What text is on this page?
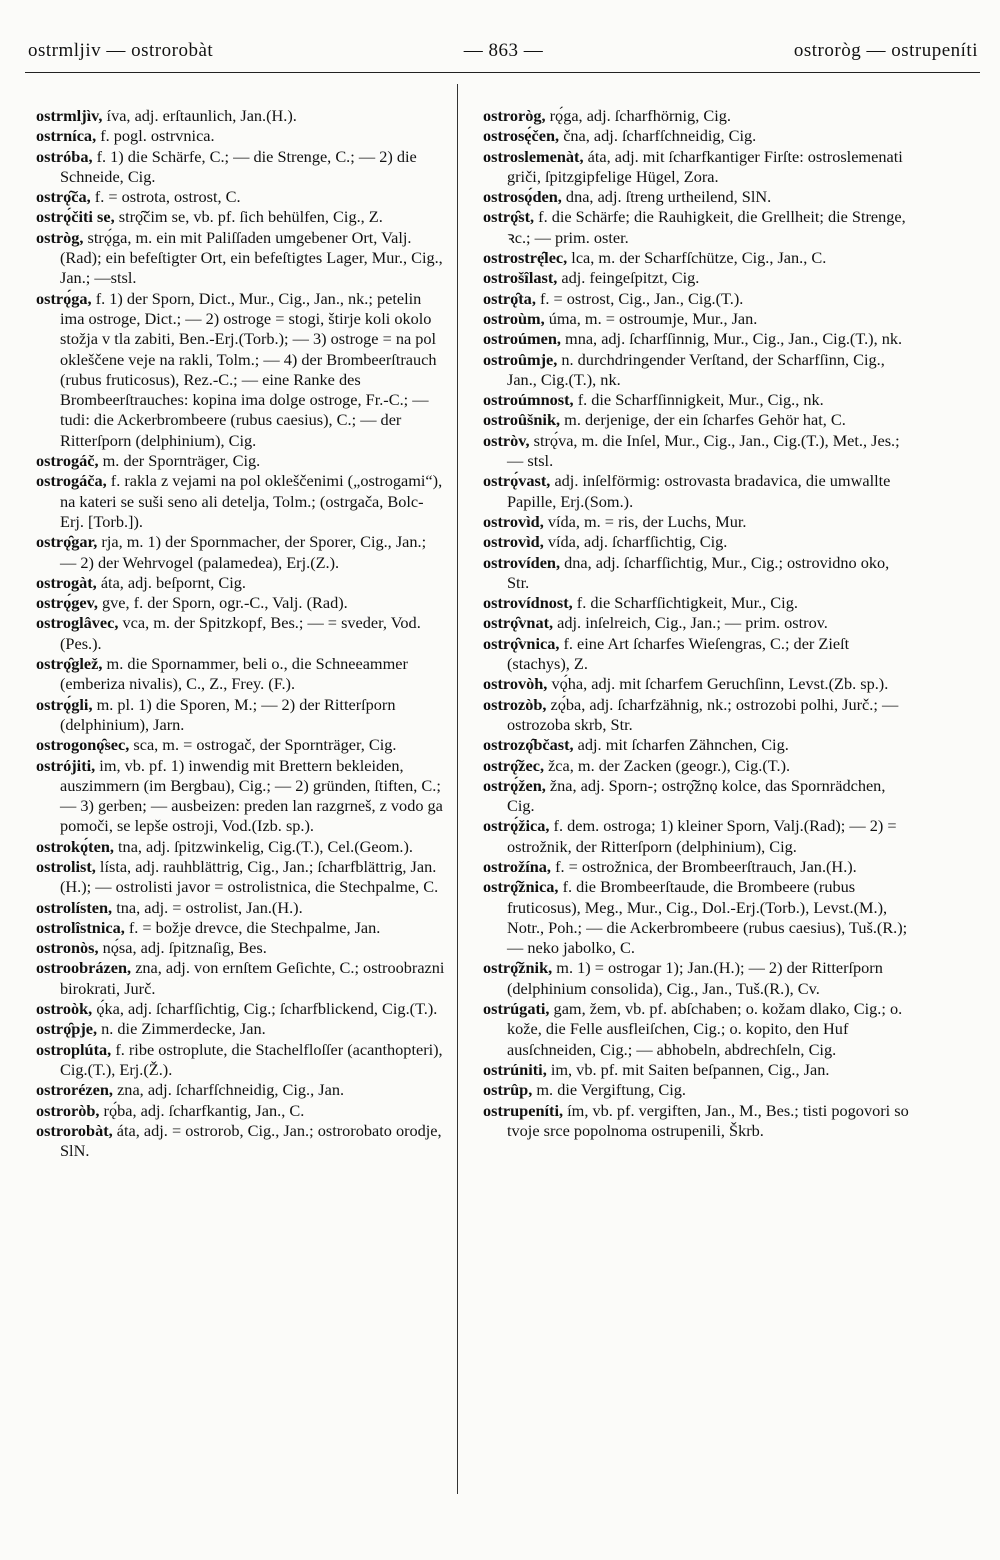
ostrmljiv — ostrorobàt	— 863 —	ostroròg — ostrupeníti

ostrmljìv, íva, adj. erſtaunlich, Jan.(H.).

ostrníca, f. pogl. ostrvnica.

ostróba, f. 1) die Schärfe, C.; — die Strenge, C.; — 2) die Schneide, Cig.

ostrǫ̑ča, f. = ostrota, ostrost, C.

ostrǫ́čiti se, strǫ̑čim se, vb. pf. ſich behülfen, Cig., Z.

ostròg, strǫ́ga, m. ein mit Paliſſaden umgebener Ort, Valj.(Rad); ein befeſtigter Ort, ein befeſtigtes Lager, Mur., Cig., Jan.; —stsl.

ostrǫ́ga, f. 1) der Sporn, Dict., Mur., Cig., Jan., nk.; petelin ima ostroge, Dict.; — 2) ostroge = stogi, štirje koli okolo stožja v tla zabiti, Ben.-Erj.(Torb.); — 3) ostroge = na pol okleščene veje na rakli, Tolm.; — 4) der Brombeerſtrauch (rubus fruticosus), Rez.-C.; — eine Ranke des Brombeerſtrauches: kopina ima dolge ostroge, Fr.-C.; — tudi: die Ackerbrombeere (rubus caesius), C.; — der Ritterſporn (delphinium), Cig.

ostrogáč, m. der Spornträger, Cig.

ostrogáča, f. rakla z vejami na pol okleščenimi („ostrogami“), na kateri se suši seno ali detelja, Tolm.; (ostrgača, Bolc-Erj. [Torb.]).

ostrǫ̑gar, rja, m. 1) der Spornmacher, der Sporer, Cig., Jan.; — 2) der Wehrvogel (palamedea), Erj.(Z.).

ostrogàt, áta, adj. beſpornt, Cig.

ostrǫ́gev, gve, f. der Sporn, ogr.-C., Valj. (Rad).

ostroglâvec, vca, m. der Spitzkopf, Bes.; — = sveder, Vod.(Pes.).

ostrǫ̑glež, m. die Spornammer, beli o., die Schneeammer (emberiza nivalis), C., Z., Frey. (F.).

ostrǫ́gli, m. pl. 1) die Sporen, M.; — 2) der Ritterſporn (delphinium), Jarn.

ostrogonǫ̑sec, sca, m. = ostrogač, der Spornträger, Cig.

ostrójiti, im, vb. pf. 1) inwendig mit Brettern bekleiden, auszimmern (im Bergbau), Cig.; — 2) gründen, ſtiften, C.; — 3) gerben; — ausbeizen: preden lan razgrneš, z vodo ga pomoči, se lepše ostroji, Vod.(Izb. sp.).

ostrokǫ́ten, tna, adj. ſpitzwinkelig, Cig.(T.), Cel.(Geom.).

ostrolist, lísta, adj. rauhblättrig, Cig., Jan.; ſcharfblättrig, Jan.(H.); — ostrolisti javor = ostrolistnica, die Stechpalme, C.

ostrolísten, tna, adj. = ostrolist, Jan.(H.).

ostrolîstnica, f. = božje drevce, die Stechpalme, Jan.

ostronòs, nǫ́sa, adj. ſpitznaſig, Bes.

ostroobrázen, zna, adj. von ernſtem Geſichte, C.; ostroobrazni birokrati, Jurč.

ostroòk, ǫ́ka, adj. ſcharfſichtig, Cig.; ſcharfblickend, Cig.(T.).

ostrǫ̑pje, n. die Zimmerdecke, Jan.

ostroplúta, f. ribe ostroplute, die Stachelfloſſer (acanthopteri), Cig.(T.), Erj.(Ž.).

ostrorézen, zna, adj. ſcharfſchneidig, Cig., Jan.

ostroròb, rǫ́ba, adj. ſcharfkantig, Jan., C.

ostrorobàt, áta, adj. = ostrorob, Cig., Jan.; ostrorobato orodje, SlN.

ostroròg, rǫ́ga, adj. ſcharfhörnig, Cig.

ostrosę́čen, čna, adj. ſcharfſchneidig, Cig.

ostroslemenàt, áta, adj. mit ſcharfkantiger Firſte: ostroslemenati griči, ſpitzgipfelige Hügel, Zora.

ostrosǫ́den, dna, adj. ſtreng urtheilend, SlN.

ostrǫ̑st, f. die Schärfe; die Rauhigkeit, die Grellheit; die Strenge, ꝛc.; — prim. oster.

ostrostrę̑lec, lca, m. der Scharfſchütze, Cig., Jan., C.

ostrošîlast, adj. feingeſpitzt, Cig.

ostrǫ̑ta, f. = ostrost, Cig., Jan., Cig.(T.).

ostroùm, úma, m. = ostroumje, Mur., Jan.

ostroúmen, mna, adj. ſcharfſinnig, Mur., Cig., Jan., Cig.(T.), nk.

ostroûmje, n. durchdringender Verſtand, der Scharfſinn, Cig., Jan., Cig.(T.), nk.

ostroúmnost, f. die Scharfſinnigkeit, Mur., Cig., nk.

ostroûšnik, m. derjenige, der ein ſcharfes Gehör hat, C.

ostròv, strǫ́va, m. die Inſel, Mur., Cig., Jan., Cig.(T.), Met., Jes.; — stsl.

ostrǫ́vast, adj. inſelförmig: ostrovasta bradavica, die umwallte Papille, Erj.(Som.).

ostrovìd, vída, m. = ris, der Luchs, Mur.

ostrovìd, vída, adj. ſcharfſichtig, Cig.

ostrovíden, dna, adj. ſcharfſichtig, Mur., Cig.; ostrovidno oko, Str.

ostrovídnost, f. die Scharfſichtigkeit, Mur., Cig.

ostrǫ̑vnat, adj. inſelreich, Cig., Jan.; — prim. ostrov.

ostrǫ̑vnica, f. eine Art ſcharfes Wieſengras, C.; der Zieſt (stachys), Z.

ostrovòh, vǫ́ha, adj. mit ſcharfem Geruchſinn, Levst.(Zb. sp.).

ostrozòb, zǫ́ba, adj. ſcharfzähnig, nk.; ostrozobi polhi, Jurč.; — ostrozoba skrb, Str.

ostrozǫ̑bčast, adj. mit ſcharfen Zähnchen, Cig.

ostrǫ̑žec, žca, m. der Zacken (geogr.), Cig.(T.).

ostrǫ́žen, žna, adj. Sporn-; ostrǫ̑žnǫ kolce, das Spornrädchen, Cig.

ostrǫ́žica, f. dem. ostroga; 1) kleiner Sporn, Valj.(Rad); — 2) = ostrožnik, der Ritterſporn (delphinium), Cig.

ostrožína, f. = ostrožnica, der Brombeerſtrauch, Jan.(H.).

ostrǫ̑žnica, f. die Brombeerſtaude, die Brombeere (rubus fruticosus), Meg., Mur., Cig., Dol.-Erj.(Torb.), Levst.(M.), Notr., Poh.; — die Ackerbrombeere (rubus caesius), Tuš.(R.); — neko jabolko, C.

ostrǫ̑žnik, m. 1) = ostrogar 1); Jan.(H.); — 2) der Ritterſporn (delphinium consolida), Cig., Jan., Tuš.(R.), Cv.

ostrúgati, gam, žem, vb. pf. abſchaben; o. kožam dlako, Cig.; o. kože, die Felle ausfleiſchen, Cig.; o. kopito, den Huf ausſchneiden, Cig.; — abhobeln, abdrechſeln, Cig.

ostrúniti, im, vb. pf. mit Saiten beſpannen, Cig., Jan.

ostrûp, m. die Vergiftung, Cig.

ostrupeníti, ím, vb. pf. vergiften, Jan., M., Bes.; tisti pogovori so tvoje srce popolnoma ostrupenili, Škrb.
